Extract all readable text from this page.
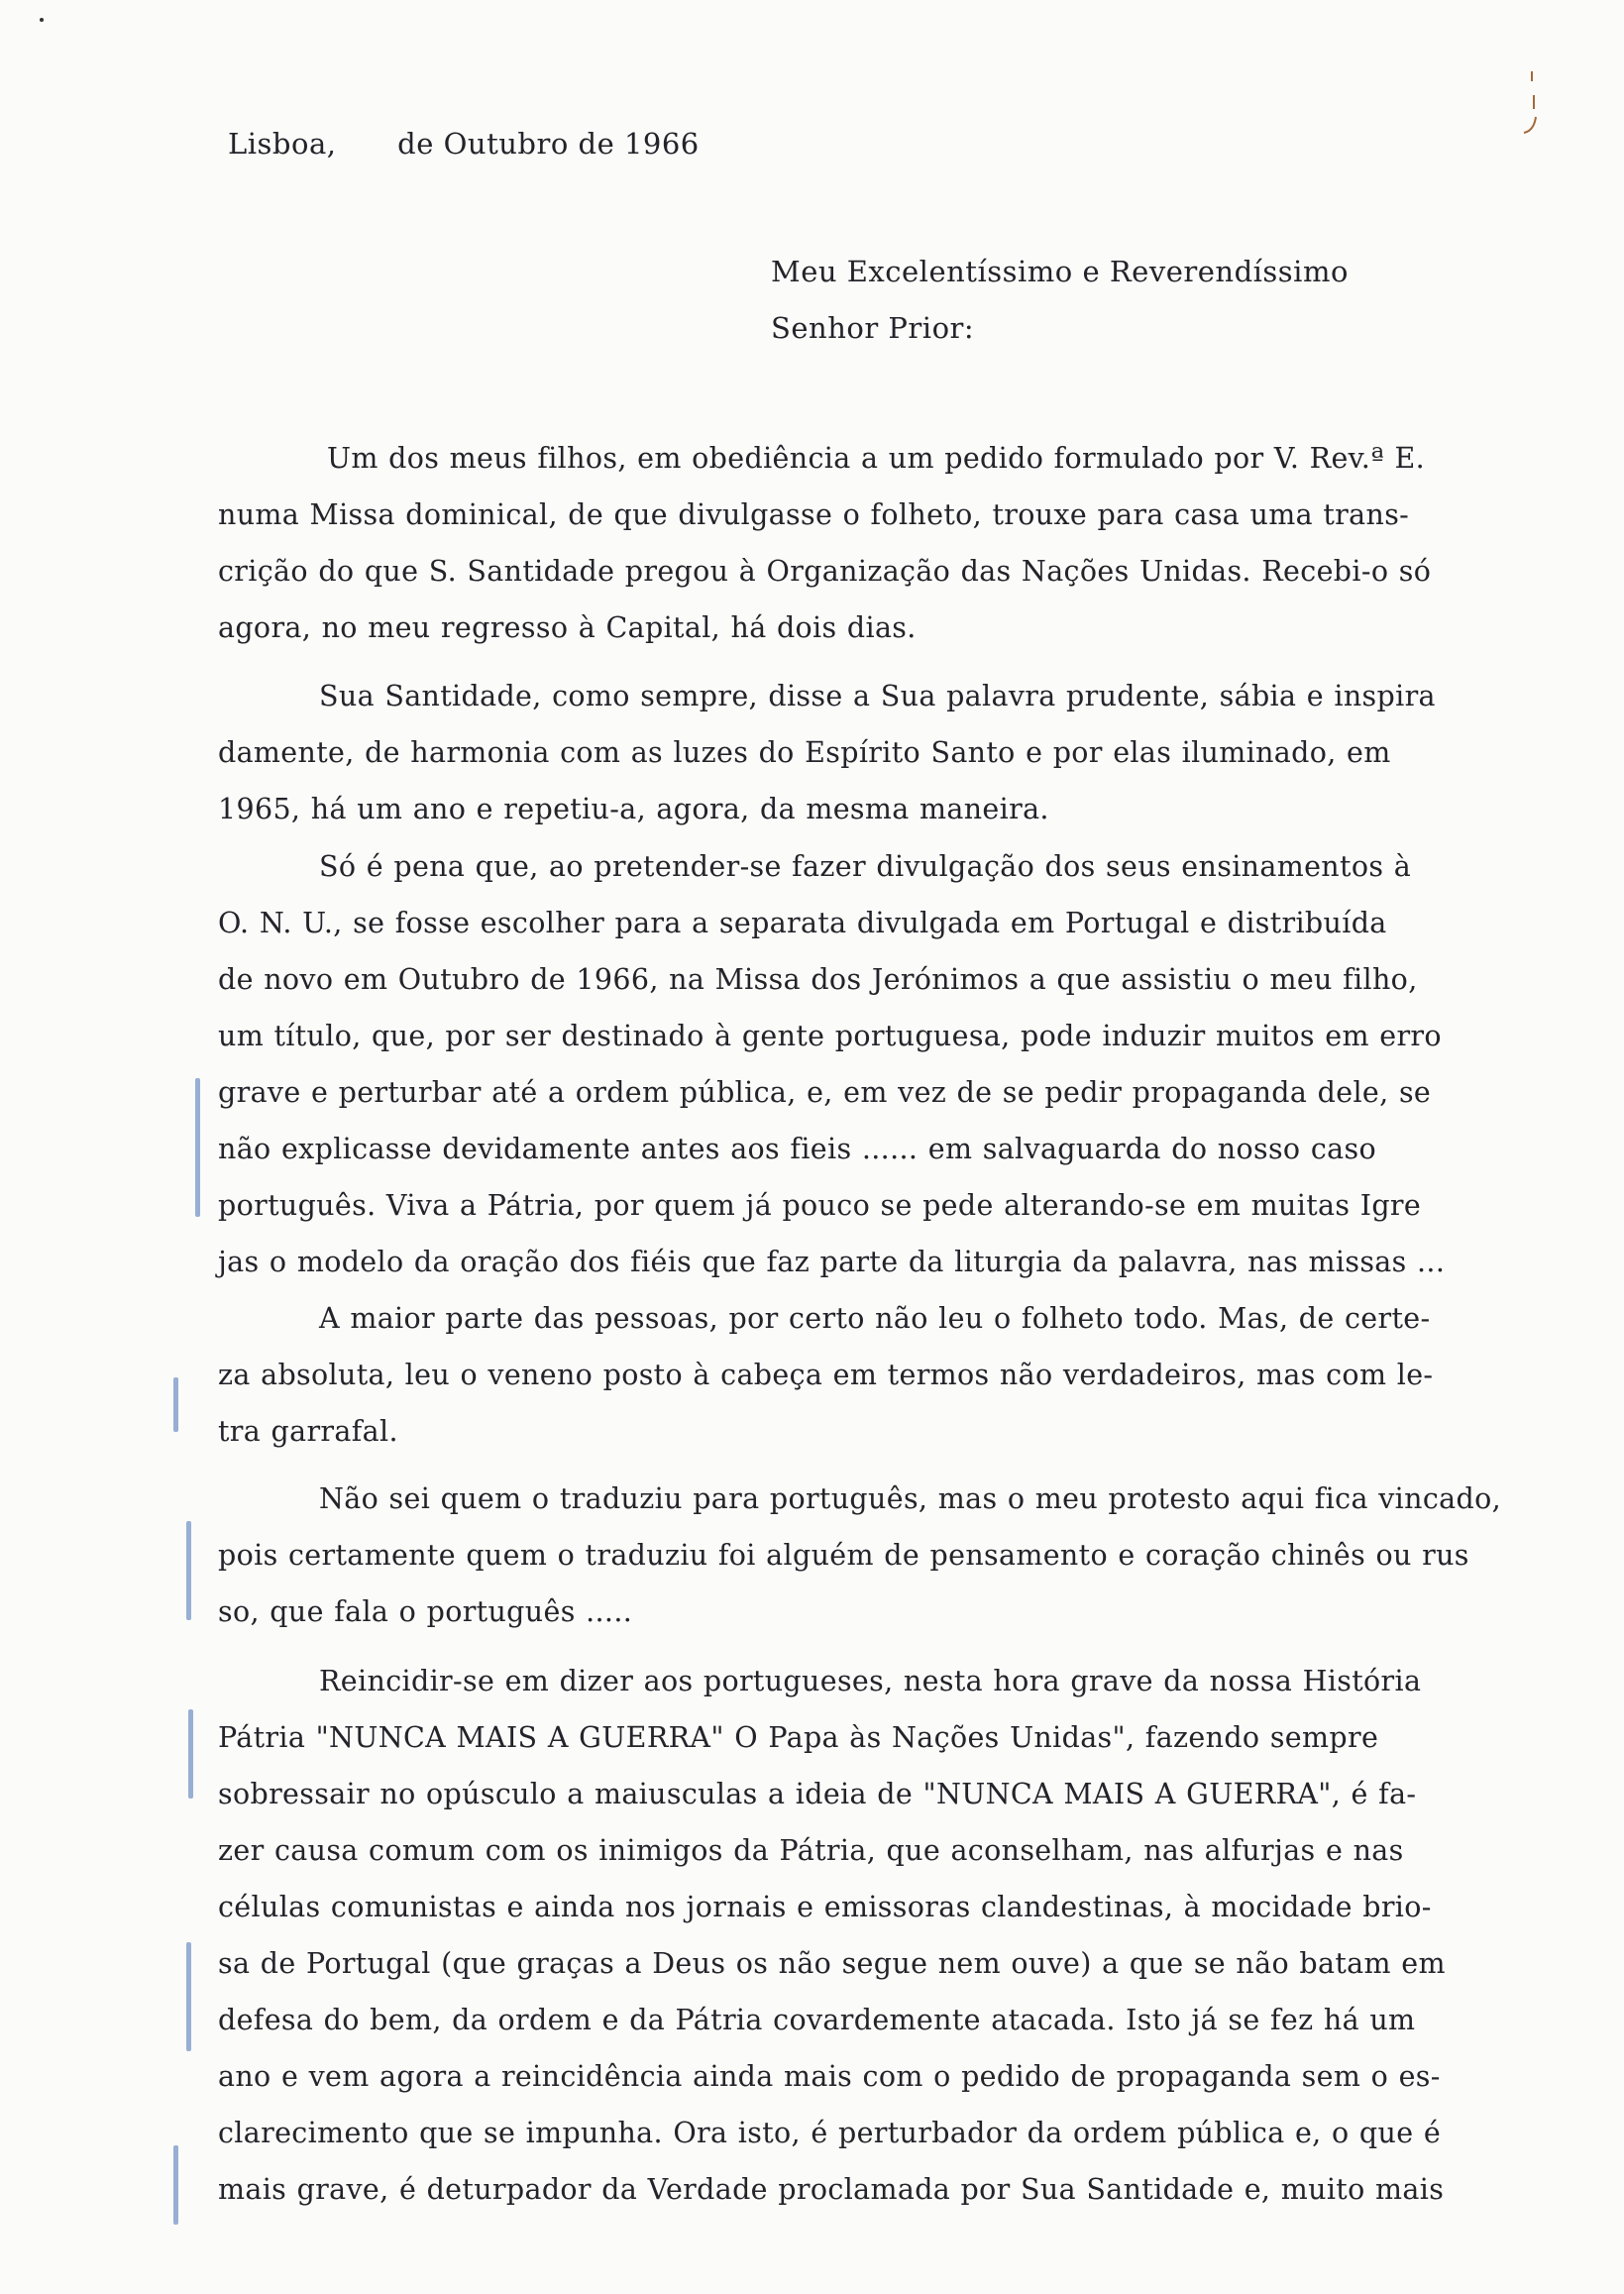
Lisboa, de Outubro de 1966
Meu Excelentíssimo e Reverendíssimo
Senhor Prior:
Um dos meus filhos, em obediência a um pedido formulado por V. Rev.ª E.
numa Missa dominical, de que divulgasse o folheto, trouxe para casa uma trans-
crição do que S. Santidade pregou à Organização das Nações Unidas. Recebi-o só
agora, no meu regresso à Capital, há dois dias.
Sua Santidade, como sempre, disse a Sua palavra prudente, sábia e inspira
damente, de harmonia com as luzes do Espírito Santo e por elas iluminado, em
1965, há um ano e repetiu-a, agora, da mesma maneira.
Só é pena que, ao pretender-se fazer divulgação dos seus ensinamentos à
O. N. U., se fosse escolher para a separata divulgada em Portugal e distribuída
de novo em Outubro de 1966, na Missa dos Jerónimos a que assistiu o meu filho,
um título, que, por ser destinado à gente portuguesa, pode induzir muitos em erro
grave e perturbar até a ordem pública, e, em vez de se pedir propaganda dele, se
não explicasse devidamente antes aos fieis ...... em salvaguarda do nosso caso
português. Viva a Pátria, por quem já pouco se pede alterando-se em muitas Igre
jas o modelo da oração dos fiéis que faz parte da liturgia da palavra, nas missas ...
A maior parte das pessoas, por certo não leu o folheto todo. Mas, de certe-
za absoluta, leu o veneno posto à cabeça em termos não verdadeiros, mas com le-
tra garrafal.
Não sei quem o traduziu para português, mas o meu protesto aqui fica vincado,
pois certamente quem o traduziu foi alguém de pensamento e coração chinês ou rus
so, que fala o português .....
Reincidir-se em dizer aos portugueses, nesta hora grave da nossa História
Pátria "NUNCA MAIS A GUERRA" O Papa às Nações Unidas", fazendo sempre
sobressair no opúsculo a maiusculas a ideia de "NUNCA MAIS A GUERRA", é fa-
zer causa comum com os inimigos da Pátria, que aconselham, nas alfurjas e nas
células comunistas e ainda nos jornais e emissoras clandestinas, à mocidade brio-
sa de Portugal (que graças a Deus os não segue nem ouve) a que se não batam em
defesa do bem, da ordem e da Pátria covardemente atacada. Isto já se fez há um
ano e vem agora a reincidência ainda mais com o pedido de propaganda sem o es-
clarecimento que se impunha. Ora isto, é perturbador da ordem pública e, o que é
mais grave, é deturpador da Verdade proclamada por Sua Santidade e, muito mais
